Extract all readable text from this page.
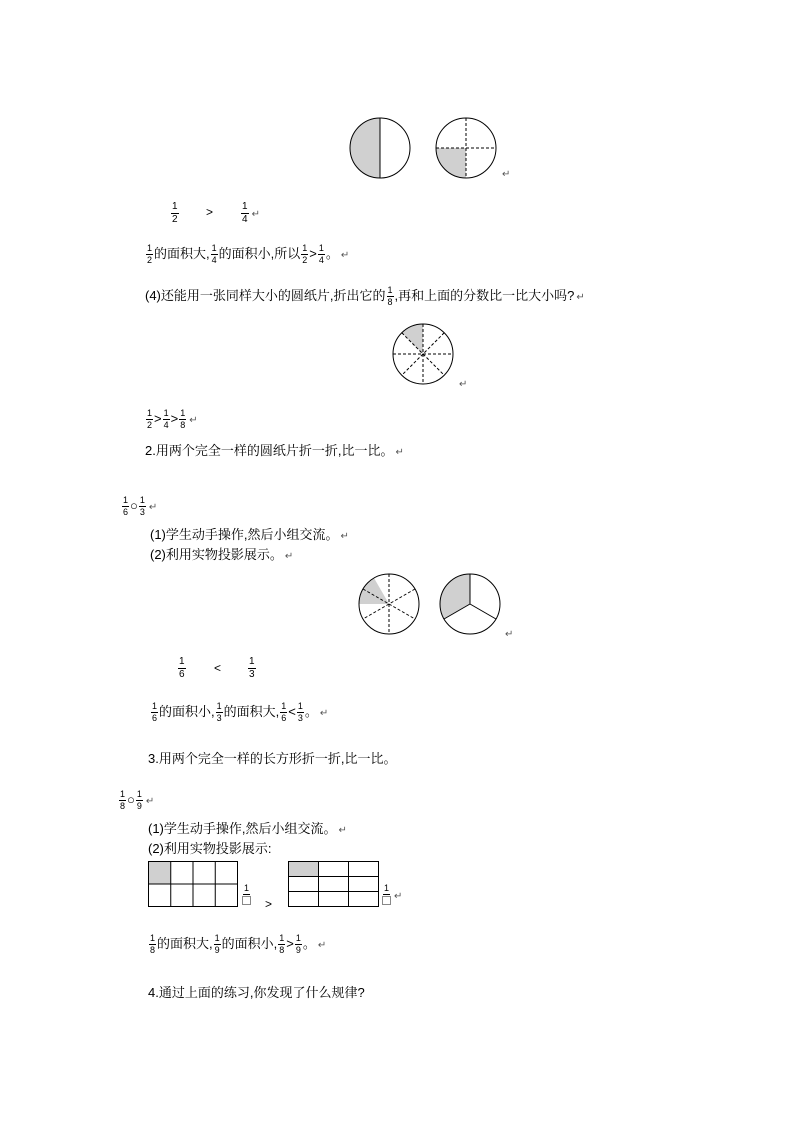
↵
$\frac{1}{2}$ >	$\frac{1}{4}$ ↵
$\frac{1}{2}$ 的面积大, $\frac{1}{4}$ 的面积小,所以 $\frac{1}{2} > \frac{1}{4}$ 。 ↵
(4)还能用一张同样大小的圆纸片,折出它的 $\frac{1}{8}$ ,再和上面的分数比一比大小吗? ↵
↵
$\frac{1}{2} > \frac{1}{4} > \frac{1}{8}$ ↵
2.用两个完全一样的圆纸片折一折,比一比。 ↵
$\frac{1}{6}$ ○ $\frac{1}{3}$ ↵
(1)学生动手操作,然后小组交流。 ↵
(2)利用实物投影展示。 ↵
↵
$\frac{1}{6}$ <	$\frac{1}{3}$
$\frac{1}{6}$ 的面积小, $\frac{1}{3}$ 的面积大, $\frac{1}{6} < \frac{1}{3}$ 。 ↵
3.用两个完全一样的长方形折一折,比一比。
$\frac{1}{8}$ ○ $\frac{1}{9}$ ↵
(1)学生动手操作,然后小组交流。 ↵
(2)利用实物投影展示:
1
>
1
↵
$\frac{1}{8}$ 的面积大, $\frac{1}{9}$ 的面积小, $\frac{1}{8} > \frac{1}{9}$ 。 ↵
4.通过上面的练习,你发现了什么规律?
